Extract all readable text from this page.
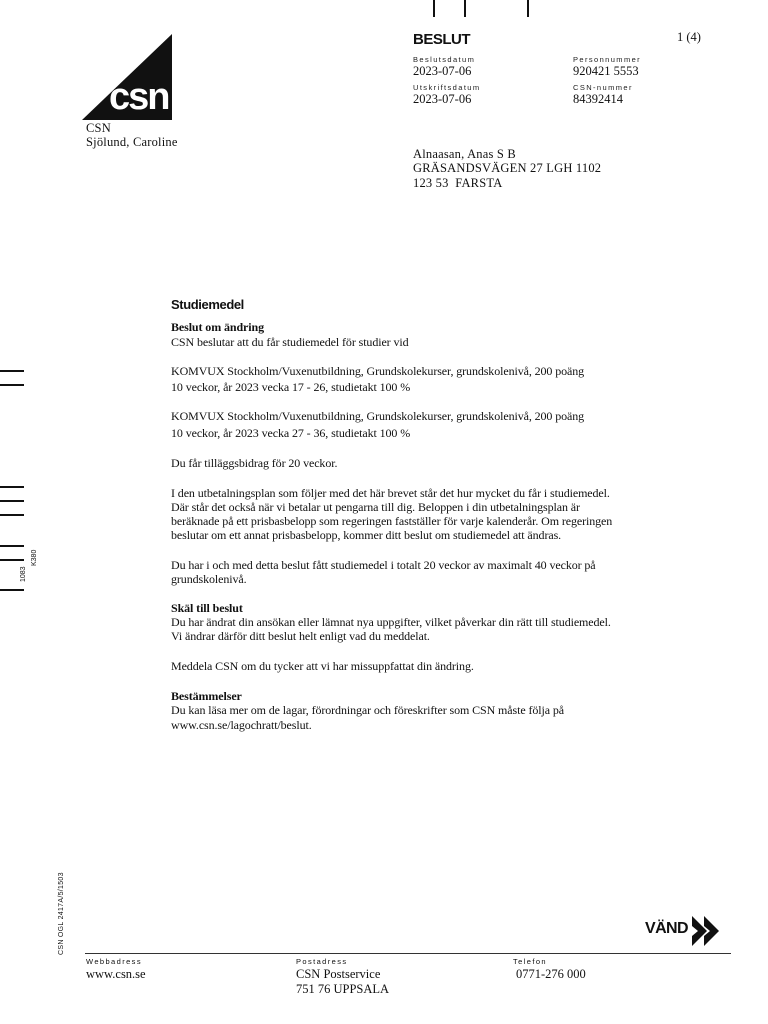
1083
K380
CSN OGL 2417A/5/1503
csn
CSN
Sjölund, Caroline
BESLUT	1 (4)
Beslutsdatum
2023-07-06
Personnummer
920421 5553
Utskriftsdatum
2023-07-06
CSN-nummer
84392414
Alnaasan, Anas S B
GRÄSANDSVÄGEN 27 LGH 1102
123 53  FARSTA
Studiemedel
Beslut om ändring
CSN beslutar att du får studiemedel för studier vid
KOMVUX Stockholm/Vuxenutbildning, Grundskolekurser, grundskolenivå, 200 poäng
10 veckor, år 2023 vecka 17 - 26, studietakt 100 %
KOMVUX Stockholm/Vuxenutbildning, Grundskolekurser, grundskolenivå, 200 poäng
10 veckor, år 2023 vecka 27 - 36, studietakt 100 %
Du får tilläggsbidrag för 20 veckor.
I den utbetalningsplan som följer med det här brevet står det hur mycket du får i studiemedel.
Där står det också när vi betalar ut pengarna till dig. Beloppen i din utbetalningsplan är
beräknade på ett prisbasbelopp som regeringen fastställer för varje kalenderår. Om regeringen
beslutar om ett annat prisbasbelopp, kommer ditt beslut om studiemedel att ändras.
Du har i och med detta beslut fått studiemedel i totalt 20 veckor av maximalt 40 veckor på
grundskolenivå.
Skäl till beslut
Du har ändrat din ansökan eller lämnat nya uppgifter, vilket påverkar din rätt till studiemedel.
Vi ändrar därför ditt beslut helt enligt vad du meddelat.
Meddela CSN om du tycker att vi har missuppfattat din ändring.
Bestämmelser
Du kan läsa mer om de lagar, förordningar och föreskrifter som CSN måste följa på
www.csn.se/lagochratt/beslut.
VÄND
Webbadress
www.csn.se
Postadress
CSN Postservice
751 76 UPPSALA
Telefon
0771-276 000
